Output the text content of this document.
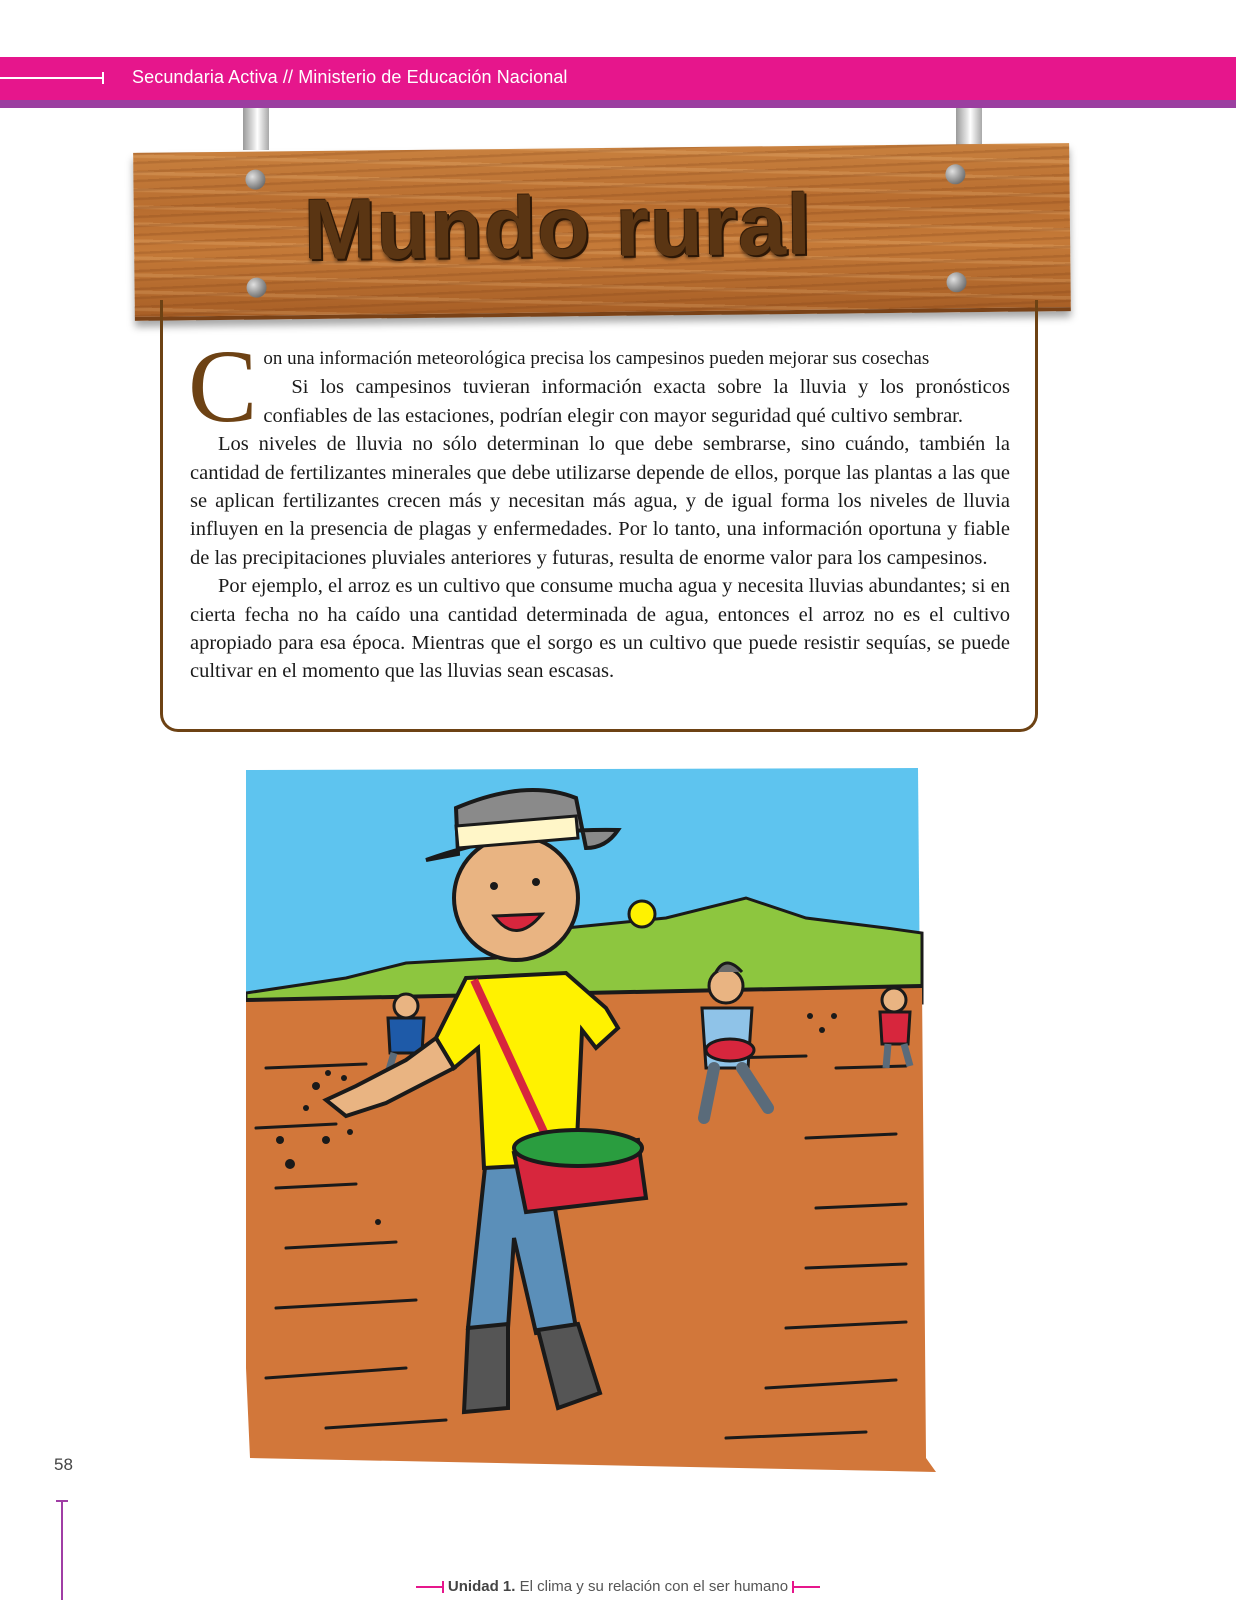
Secundaria Activa // Ministerio de Educación Nacional
Mundo rural
C on una información meteorológica precisa los campesinos pueden mejorar sus cosechas

Si los campesinos tuvieran información exacta sobre la lluvia y los pronósticos confiables de las estaciones, podrían elegir con mayor seguridad qué cultivo sembrar.

Los niveles de lluvia no sólo determinan lo que debe sembrarse, sino cuándo, también la cantidad de fertilizantes minerales que debe utilizarse depende de ellos, porque las plantas a las que se aplican fertilizantes crecen más y necesitan más agua, y de igual forma los niveles de lluvia influyen en la presencia de plagas y enfermedades. Por lo tanto, una información oportuna y fiable de las precipitaciones pluviales anteriores y futuras, resulta de enorme valor para los campesinos.

Por ejemplo, el arroz es un cultivo que consume mucha agua y necesita lluvias abundantes; si en cierta fecha no ha caído una cantidad determinada de agua, entonces el arroz no es el cultivo apropiado para esa época. Mientras que el sorgo es un cultivo que puede resistir sequías, se puede cultivar en el momento que las lluvias sean escasas.

58
Unidad 1. El clima y su relación con el ser humano
